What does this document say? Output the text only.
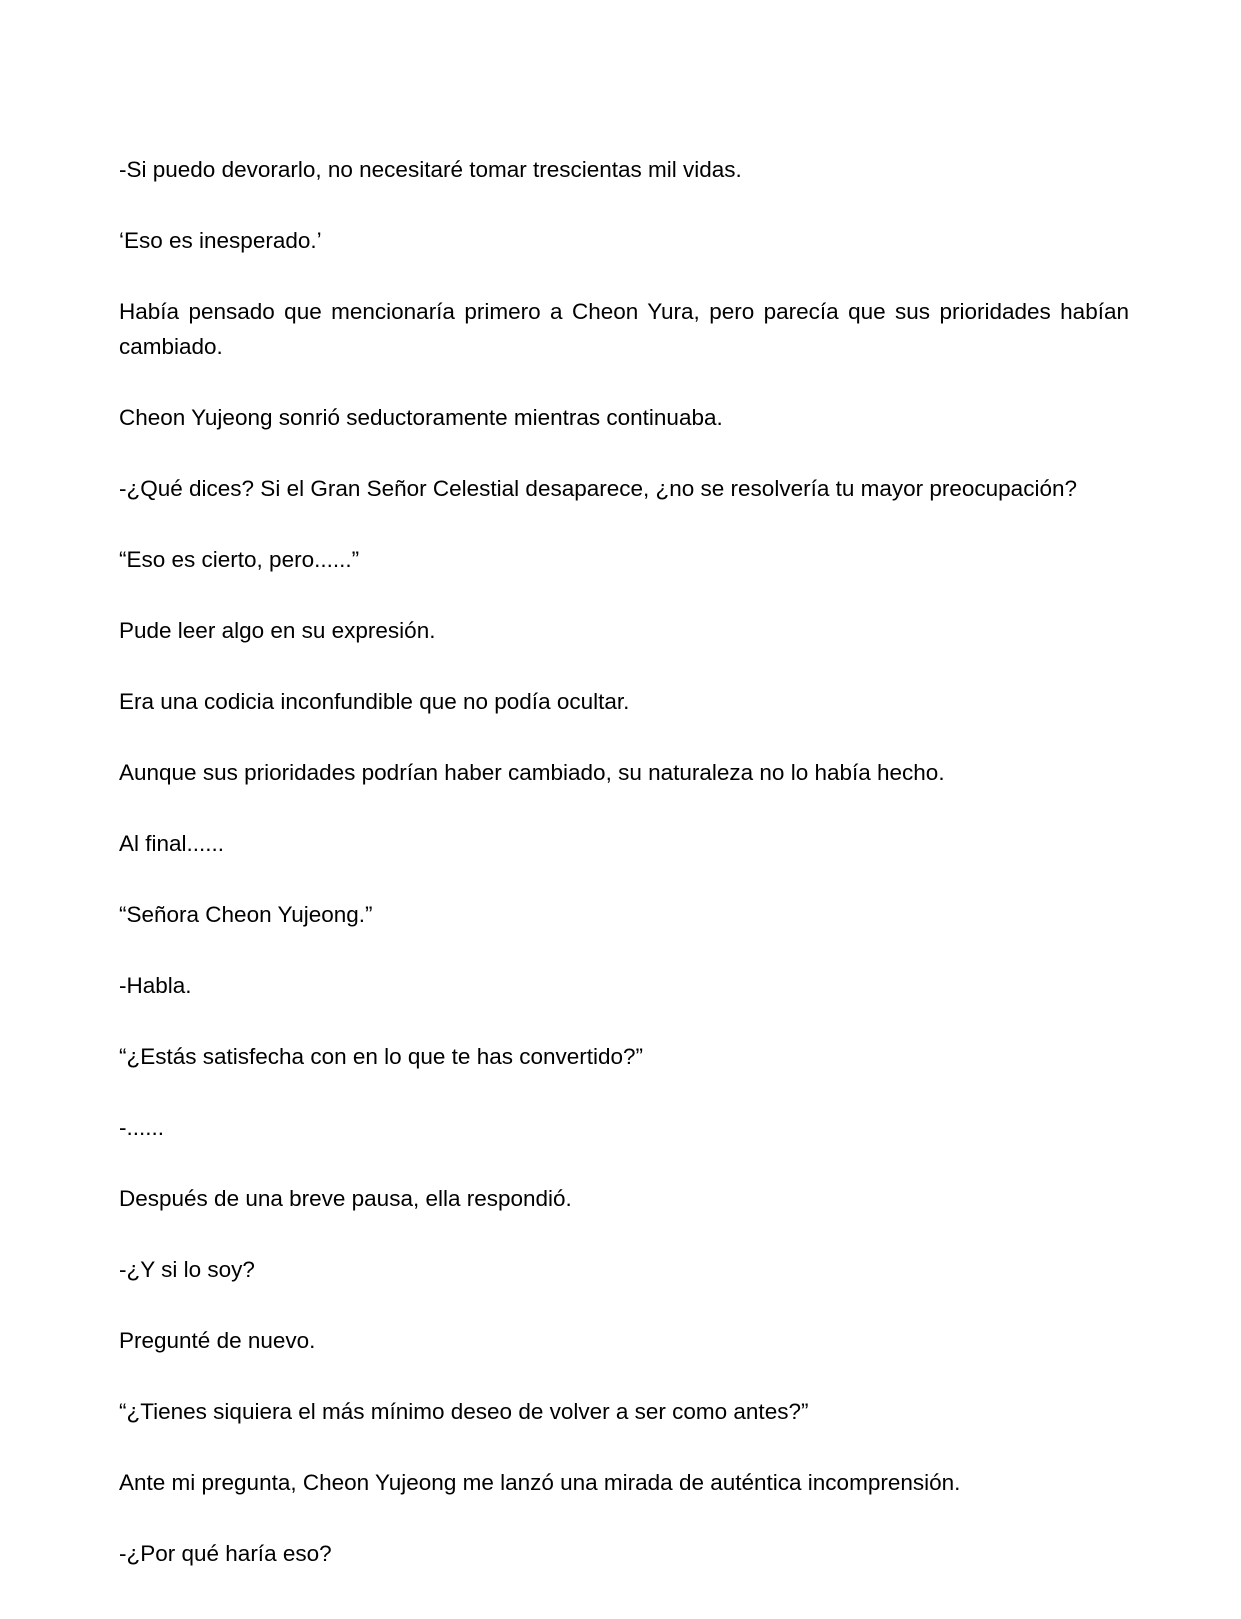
-Si puedo devorarlo, no necesitaré tomar trescientas mil vidas.

‘Eso es inesperado.’

Había pensado que mencionaría primero a Cheon Yura, pero parecía que sus prioridades habían cambiado.

Cheon Yujeong sonrió seductoramente mientras continuaba.

-¿Qué dices? Si el Gran Señor Celestial desaparece, ¿no se resolvería tu mayor preocupación?

“Eso es cierto, pero......”

Pude leer algo en su expresión.

Era una codicia inconfundible que no podía ocultar.

Aunque sus prioridades podrían haber cambiado, su naturaleza no lo había hecho.

Al final......

“Señora Cheon Yujeong.”

-Habla.

“¿Estás satisfecha con en lo que te has convertido?”

-......

Después de una breve pausa, ella respondió.

-¿Y si lo soy?

Pregunté de nuevo.

“¿Tienes siquiera el más mínimo deseo de volver a ser como antes?”

Ante mi pregunta, Cheon Yujeong me lanzó una mirada de auténtica incomprensión.

-¿Por qué haría eso?
